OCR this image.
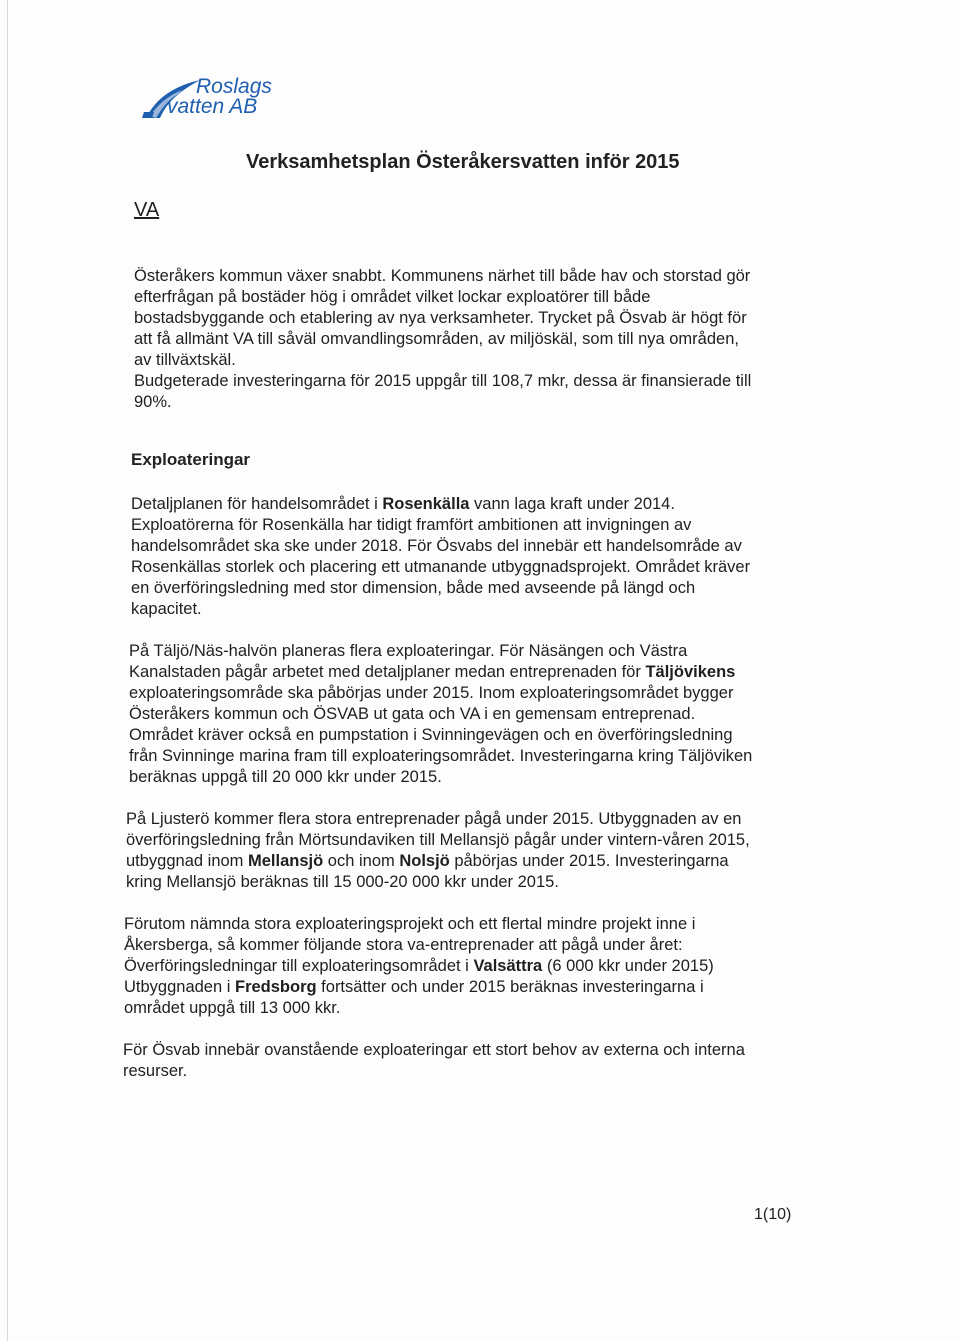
Roslags
vatten AB
Verksamhetsplan Österåkersvatten inför 2015
VA

Österåkers kommun växer snabbt. Kommunens närhet till både hav och storstad gör
efterfrågan på bostäder hög i området vilket lockar exploatörer till både
bostadsbyggande och etablering av nya verksamheter. Trycket på Ösvab är högt för
att få allmänt VA till såväl omvandlingsområden, av miljöskäl, som till nya områden,
av tillväxtskäl.
Budgeterade investeringarna för 2015 uppgår till 108,7 mkr, dessa är finansierade till
90%.

Exploateringar

Detaljplanen för handelsområdet i Rosenkälla vann laga kraft under 2014.
Exploatörerna för Rosenkälla har tidigt framfört ambitionen att invigningen av
handelsområdet ska ske under 2018. För Ösvabs del innebär ett handelsområde av
Rosenkällas storlek och placering ett utmanande utbyggnadsprojekt. Området kräver
en överföringsledning med stor dimension, både med avseende på längd och
kapacitet.

På Täljö/Näs-halvön planeras flera exploateringar. För Näsängen och Västra
Kanalstaden pågår arbetet med detaljplaner medan entreprenaden för Täljövikens
exploateringsområde ska påbörjas under 2015. Inom exploateringsområdet bygger
Österåkers kommun och ÖSVAB ut gata och VA i en gemensam entreprenad.
Området kräver också en pumpstation i Svinningevägen och en överföringsledning
från Svinninge marina fram till exploateringsområdet. Investeringarna kring Täljöviken
beräknas uppgå till 20 000 kkr under 2015.

På Ljusterö kommer flera stora entreprenader pågå under 2015. Utbyggnaden av en
överföringsledning från Mörtsundaviken till Mellansjö pågår under vintern-våren 2015,
utbyggnad inom Mellansjö och inom Nolsjö påbörjas under 2015. Investeringarna
kring Mellansjö beräknas till 15 000-20 000 kkr under 2015.

Förutom nämnda stora exploateringsprojekt och ett flertal mindre projekt inne i
Åkersberga, så kommer följande stora va-entreprenader att pågå under året:
Överföringsledningar till exploateringsområdet i Valsättra (6 000 kkr under 2015)
Utbyggnaden i Fredsborg fortsätter och under 2015 beräknas investeringarna i
området uppgå till 13 000 kkr.

För Ösvab innebär ovanstående exploateringar ett stort behov av externa och interna
resurser.

1(10)
